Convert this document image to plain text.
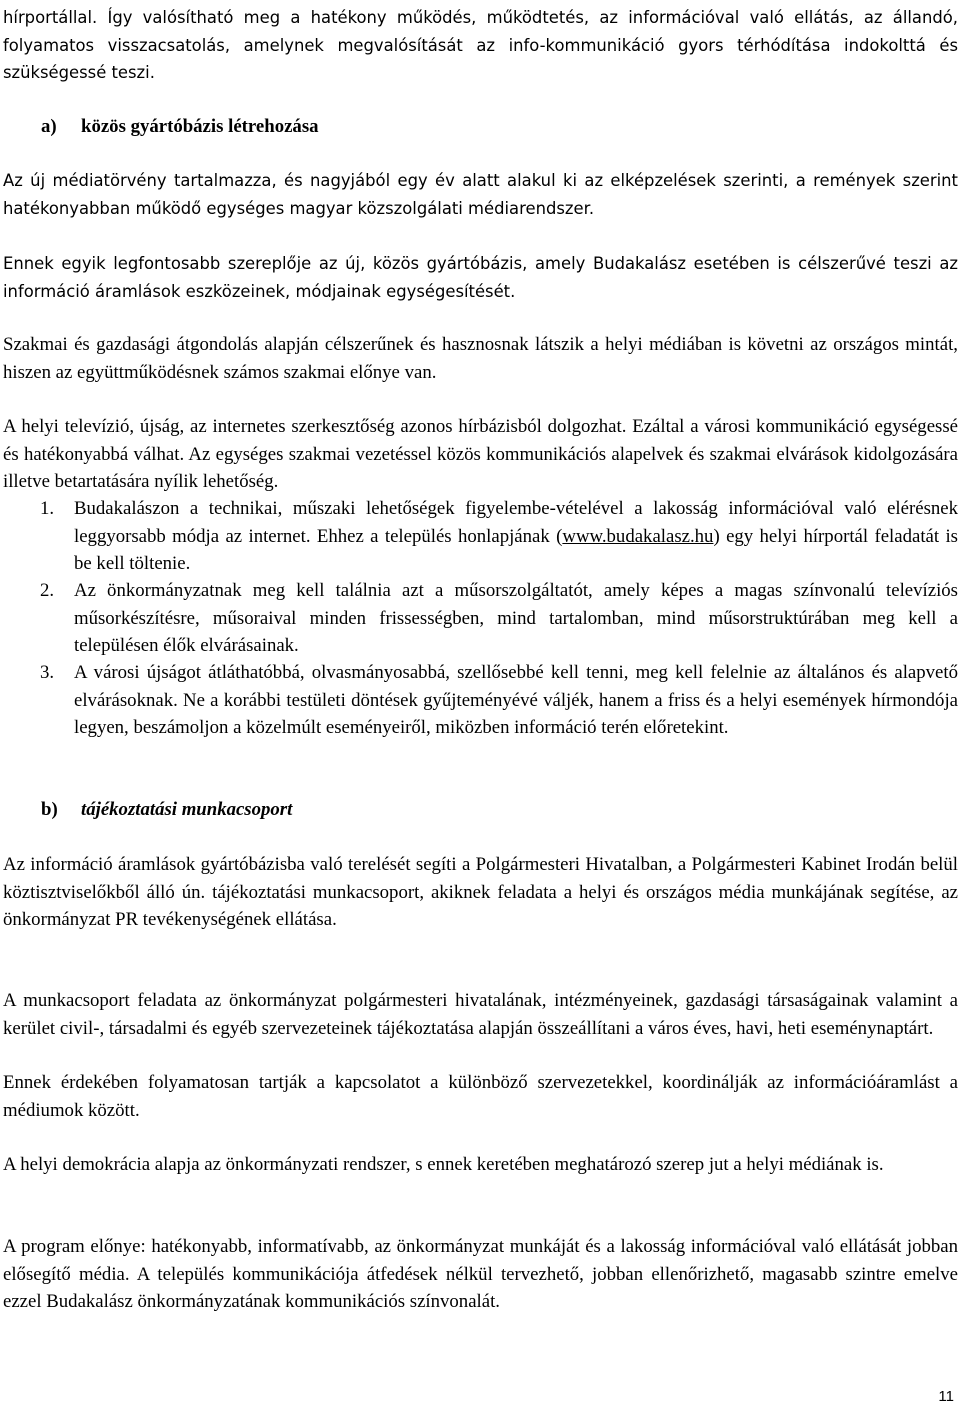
hírportállal. Így valósítható meg a hatékony működés, működtetés, az információval való ellátás, az állandó, folyamatos visszacsatolás, amelynek megvalósítását az info-kommunikáció gyors térhódítása indokolttá és szükségessé teszi.

a) közös gyártóbázis létrehozása

Az új médiatörvény tartalmazza, és nagyjából egy év alatt alakul ki az elképzelések szerinti, a remények szerint hatékonyabban működő egységes magyar közszolgálati médiarendszer.

Ennek egyik legfontosabb szereplője az új, közös gyártóbázis, amely Budakalász esetében is célszerűvé teszi az információ áramlások eszközeinek, módjainak egységesítését.

Szakmai és gazdasági átgondolás alapján célszerűnek és hasznosnak látszik a helyi médiában is követni az országos mintát, hiszen az együttműködésnek számos szakmai előnye van.

A helyi televízió, újság, az internetes szerkesztőség azonos hírbázisból dolgozhat. Ezáltal a városi kommunikáció egységessé és hatékonyabbá válhat. Az egységes szakmai vezetéssel közös kommunikációs alapelvek és szakmai elvárások kidolgozására illetve betartatására nyílik lehetőség.

1. Budakalászon a technikai, műszaki lehetőségek figyelembe-vételével a lakosság információval való elérésnek leggyorsabb módja az internet. Ehhez a település honlapjának (www.budakalasz.hu) egy helyi hírportál feladatát is be kell töltenie.

2. Az önkormányzatnak meg kell találnia azt a műsorszolgáltatót, amely képes a magas színvonalú televíziós műsorkészítésre, műsoraival minden frissességben, mind tartalomban, mind műsorstruktúrában meg kell a településen élők elvárásainak.

3. A városi újságot átláthatóbbá, olvasmányosabbá, szellősebbé kell tenni, meg kell felelnie az általános és alapvető elvárásoknak. Ne a korábbi testületi döntések gyűjteményévé váljék, hanem a friss és a helyi események hírmondója legyen, beszámoljon a közelmúlt eseményeiről, miközben információ terén előretekint.

b) tájékoztatási munkacsoport

Az információ áramlások gyártóbázisba való terelését segíti a Polgármesteri Hivatalban, a Polgármesteri Kabinet Irodán belül köztisztviselőkből álló ún. tájékoztatási munkacsoport, akiknek feladata a helyi és országos média munkájának segítése, az önkormányzat PR tevékenységének ellátása.

A munkacsoport feladata az önkormányzat polgármesteri hivatalának, intézményeinek, gazdasági társaságainak valamint a kerület civil-, társadalmi és egyéb szervezeteinek tájékoztatása alapján összeállítani a város éves, havi, heti eseménynaptárt.

Ennek érdekében folyamatosan tartják a kapcsolatot a különböző szervezetekkel, koordinálják az információáramlást a médiumok között.

A helyi demokrácia alapja az önkormányzati rendszer, s ennek keretében meghatározó szerep jut a helyi médiának is.

A program előnye: hatékonyabb, informatívabb, az önkormányzat munkáját és a lakosság információval való ellátását jobban elősegítő média. A település kommunikációja átfedések nélkül tervezhető, jobban ellenőrizhető, magasabb szintre emelve ezzel Budakalász önkormányzatának kommunikációs színvonalát.

11
